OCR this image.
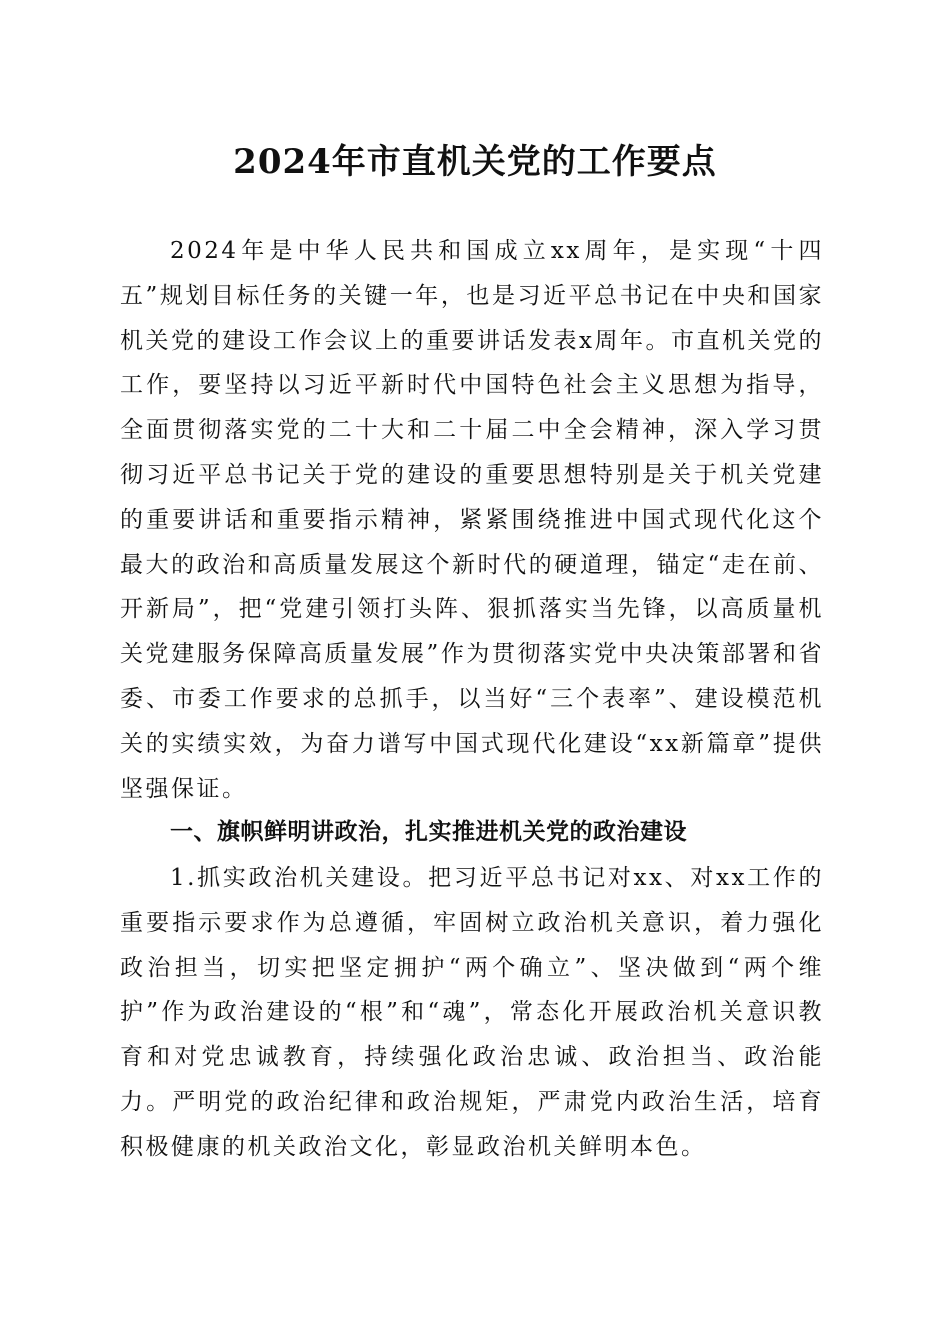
2024年市直机关党的工作要点

2024年是中华人民共和国成立xx周年，是实现“十四五”规划目标任务的关键一年，也是习近平总书记在中央和国家机关党的建设工作会议上的重要讲话发表x周年。市直机关党的工作，要坚持以习近平新时代中国特色社会主义思想为指导，全面贯彻落实党的二十大和二十届二中全会精神，深入学习贯彻习近平总书记关于党的建设的重要思想特别是关于机关党建的重要讲话和重要指示精神，紧紧围绕推进中国式现代化这个最大的政治和高质量发展这个新时代的硬道理，锚定“走在前、开新局”，把“党建引领打头阵、狠抓落实当先锋，以高质量机关党建服务保障高质量发展”作为贯彻落实党中央决策部署和省委、市委工作要求的总抓手，以当好“三个表率”、建设模范机关的实绩实效，为奋力谱写中国式现代化建设“xx新篇章”提供坚强保证。

一、旗帜鲜明讲政治，扎实推进机关党的政治建设

1.抓实政治机关建设。把习近平总书记对xx、对xx工作的重要指示要求作为总遵循，牢固树立政治机关意识，着力强化政治担当，切实把坚定拥护“两个确立”、坚决做到“两个维护”作为政治建设的“根”和“魂”，常态化开展政治机关意识教育和对党忠诚教育，持续强化政治忠诚、政治担当、政治能力。严明党的政治纪律和政治规矩，严肃党内政治生活，培育积极健康的机关政治文化，彰显政治机关鲜明本色。
